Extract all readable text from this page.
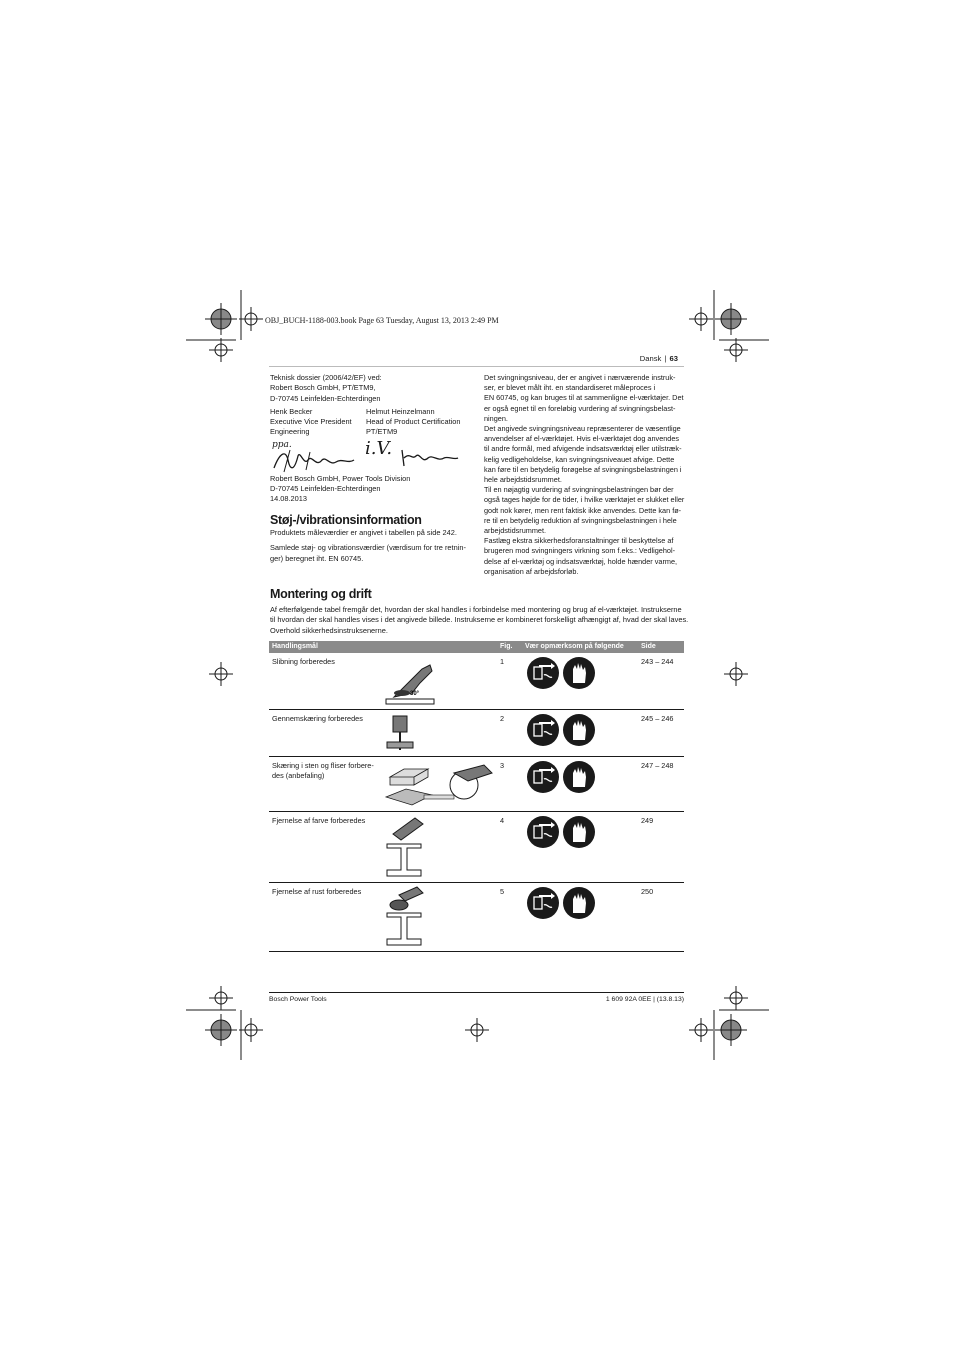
OBJ_BUCH-1188-003.book Page 63 Tuesday, August 13, 2013 2:49 PM
Dansk | 63
Teknisk dossier (2006/42/EF) ved:
Robert Bosch GmbH, PT/ETM9,
D-70745 Leinfelden-Echterdingen
Henk Becker
Executive Vice President
Engineering
Helmut Heinzelmann
Head of Product Certification
PT/ETM9
ppa.	i.V.
Robert Bosch GmbH, Power Tools Division
D-70745 Leinfelden-Echterdingen
14.08.2013
Støj-/vibrationsinformation
Produktets måleværdier er angivet i tabellen på side 242.
Samlede støj- og vibrationsværdier (værdisum for tre retnin-
ger) beregnet iht. EN 60745.
Det svingningsniveau, der er angivet i nærværende instruk-
ser, er blevet målt iht. en standardiseret måleproces i
EN 60745, og kan bruges til at sammenligne el-værktøjer. Det
er også egnet til en foreløbig vurdering af svingningsbelast-
ningen.
Det angivede svingningsniveau repræsenterer de væsentlige
anvendelser af el-værktøjet. Hvis el-værktøjet dog anvendes
til andre formål, med afvigende indsatsværktøj eller utilstræk-
kelig vedligeholdelse, kan svingningsniveauet afvige. Dette
kan føre til en betydelig forøgelse af svingningsbelastningen i
hele arbejdstidsrummet.
Til en nøjagtig vurdering af svingningsbelastningen bør der
også tages højde for de tider, i hvilke værktøjet er slukket eller
godt nok kører, men rent faktisk ikke anvendes. Dette kan fø-
re til en betydelig reduktion af svingningsbelastningen i hele
arbejdstidsrummet.
Fastlæg ekstra sikkerhedsforanstaltninger til beskyttelse af
brugeren mod svingningers virkning som f.eks.: Vedligehol-
delse af el-værktøj og indsatsværktøj, holde hænder varme,
organisation af arbejdsforløb.
Montering og drift
Af efterfølgende tabel fremgår det, hvordan der skal handles i forbindelse med montering og brug af el-værktøjet. Instrukserne
til hvordan der skal handles vises i det angivede billede. Instrukserne er kombineret forskelligt afhængigt af, hvad der skal laves.
Overhold sikkerhedsinstruksenerne.
Handlingsmål	Fig. Vær opmærksom på følgende Side
Slibning forberedes	1	243 – 244
30°
Gennemskæring forberedes	2	245 – 246
Skæring i sten og fliser forbere-
des (anbefaling)
3	247 – 248
Fjernelse af farve forberedes	4	249
Fjernelse af rust forberedes	5	250
Bosch Power Tools	1 609 92A 0EE | (13.8.13)
